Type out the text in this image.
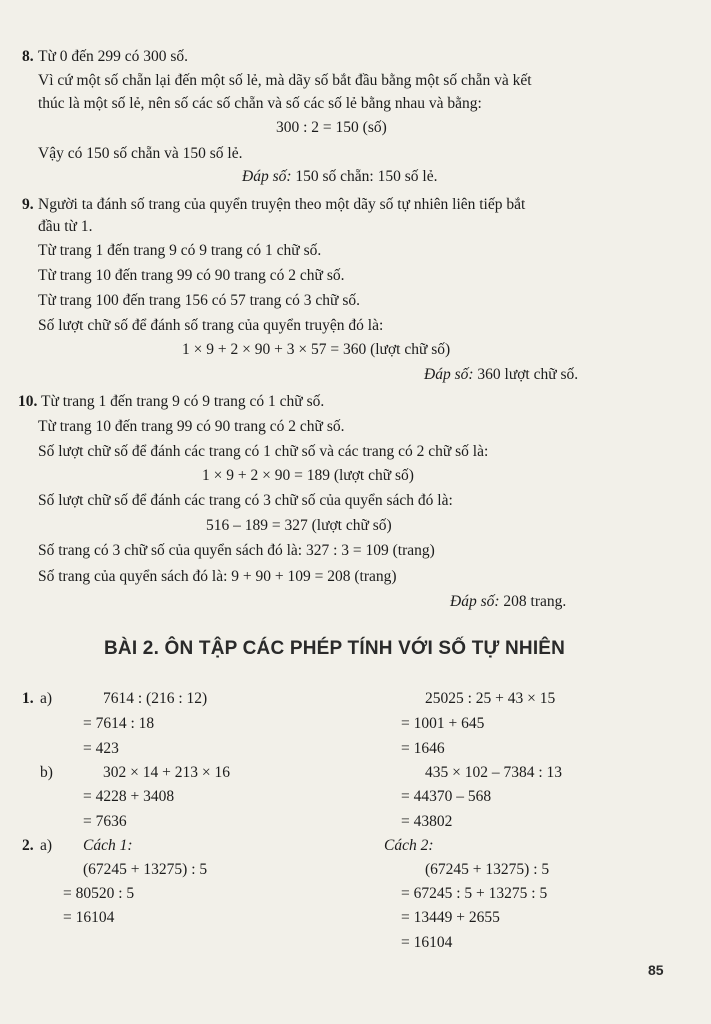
8. Từ 0 đến 299 có 300 số.
Vì cứ một số chẵn lại đến một số lẻ, mà dãy số bắt đầu bằng một số chẵn và kết
thúc là một số lẻ, nên số các số chẵn và số các số lẻ bằng nhau và bằng:
300 : 2 = 150 (số)
Vậy có 150 số chẵn và 150 số lẻ.
Đáp số: 150 số chẵn: 150 số lẻ.
9. Người ta đánh số trang của quyển truyện theo một dãy số tự nhiên liên tiếp bắt
đầu từ 1.
Từ trang 1 đến trang 9 có 9 trang có 1 chữ số.
Từ trang 10 đến trang 99 có 90 trang có 2 chữ số.
Từ trang 100 đến trang 156 có 57 trang có 3 chữ số.
Số lượt chữ số để đánh số trang của quyển truyện đó là:
1 × 9 + 2 × 90 + 3 × 57 = 360 (lượt chữ số)
Đáp số: 360 lượt chữ số.
10. Từ trang 1 đến trang 9 có 9 trang có 1 chữ số.
Từ trang 10 đến trang 99 có 90 trang có 2 chữ số.
Số lượt chữ số để đánh các trang có 1 chữ số và các trang có 2 chữ số là:
1 × 9 + 2 × 90 = 189 (lượt chữ số)
Số lượt chữ số để đánh các trang có 3 chữ số của quyển sách đó là:
516 – 189 = 327 (lượt chữ số)
Số trang có 3 chữ số của quyển sách đó là: 327 : 3 = 109 (trang)
Số trang của quyển sách đó là: 9 + 90 + 109 = 208 (trang)
Đáp số: 208 trang.
BÀI 2. ÔN TẬP CÁC PHÉP TÍNH VỚI SỐ TỰ NHIÊN
1. a)	7614 : (216 : 12)
= 7614 : 18
= 423
25025 : 25 + 43 × 15
= 1001 + 645
= 1646
b)	302 × 14 + 213 × 16
= 4228 + 3408
= 7636
435 × 102 – 7384 : 13
= 44370 – 568
= 43802
2. a) Cách 1:
(67245 + 13275) : 5
= 80520 : 5
= 16104
Cách 2:
(67245 + 13275) : 5
= 67245 : 5 + 13275 : 5
= 13449 + 2655
= 16104
85
